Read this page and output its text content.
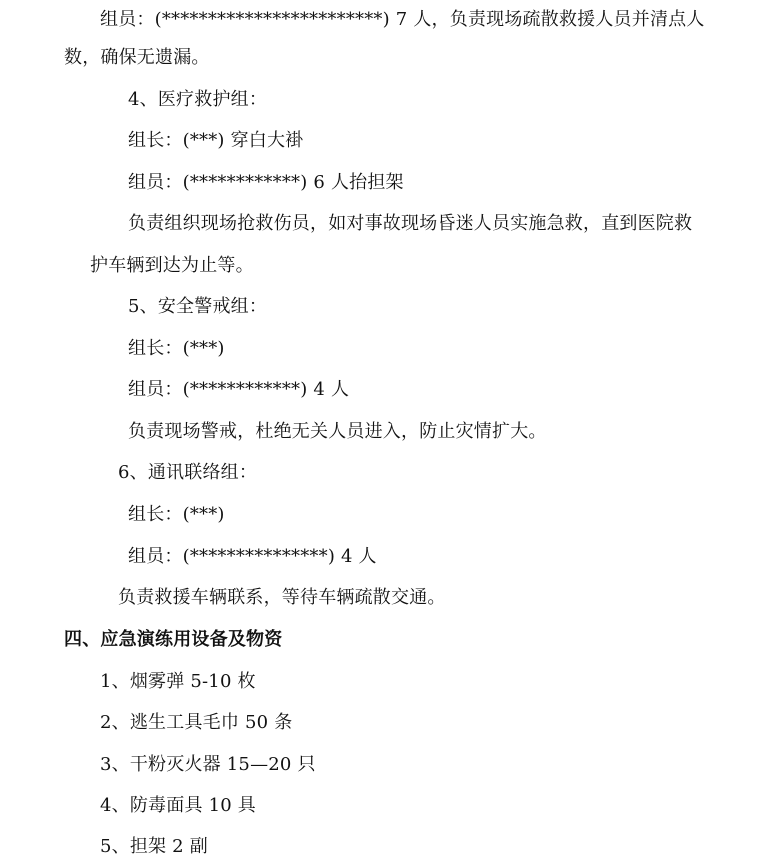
组员：(************************) 7 人，负责现场疏散救援人员并清点人
数，确保无遗漏。
4、医疗救护组：
组长：(***) 穿白大褂
组员：(************) 6 人抬担架
负责组织现场抢救伤员，如对事故现场昏迷人员实施急救，直到医院救
护车辆到达为止等。
5、安全警戒组：
组长：(***)
组员：(************) 4 人
负责现场警戒，杜绝无关人员进入，防止灾情扩大。
6、通讯联络组：
组长：(***)
组员：(***************) 4 人
负责救援车辆联系，等待车辆疏散交通。
四、应急演练用设备及物资
1、烟雾弹 5-10 枚
2、逃生工具毛巾 50 条
3、干粉灭火器 15—20 只
4、防毒面具 10 具
5、担架 2 副
